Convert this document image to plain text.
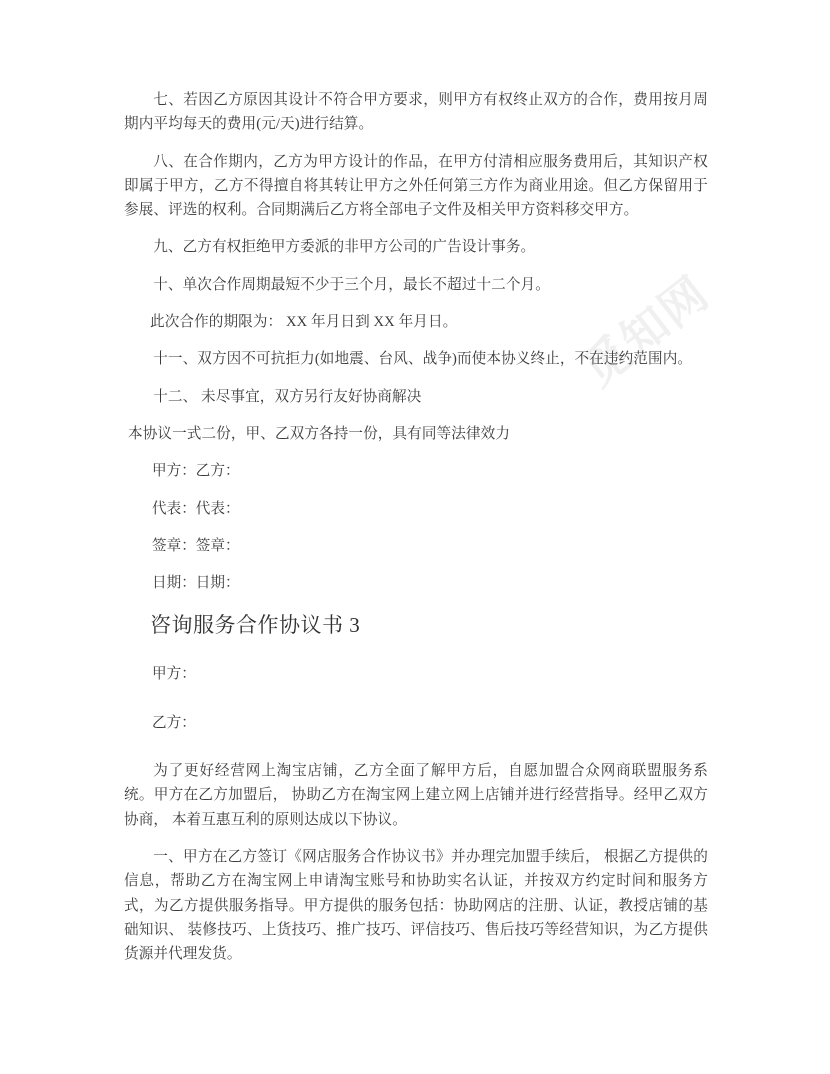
觅知网

七、若因乙方原因其设计不符合甲方要求，则甲方有权终止双方的合作，费用按月周期内平均每天的费用(元/天)进行结算。

八、在合作期内，乙方为甲方设计的作品，在甲方付清相应服务费用后，其知识产权即属于甲方，乙方不得擅自将其转让甲方之外任何第三方作为商业用途。但乙方保留用于参展、评选的权利。合同期满后乙方将全部电子文件及相关甲方资料移交甲方。

九、乙方有权拒绝甲方委派的非甲方公司的广告设计事务。

十、单次合作周期最短不少于三个月，最长不超过十二个月。

此次合作的期限为： XX 年月日到 XX 年月日。

十一、双方因不可抗拒力(如地震、台风、战争)而使本协义终止，不在违约范围内。

十二、 未尽事宜，双方另行友好协商解决

本协议一式二份，甲、乙双方各持一份，具有同等法律效力

甲方：乙方：

代表：代表：

签章：签章：

日期：日期：

咨询服务合作协议书 3

甲方：

乙方：

为了更好经营网上淘宝店铺，乙方全面了解甲方后，自愿加盟合众网商联盟服务系统。甲方在乙方加盟后， 协助乙方在淘宝网上建立网上店铺并进行经营指导。经甲乙双方协商， 本着互惠互利的原则达成以下协议。

一、甲方在乙方签订《网店服务合作协议书》并办理完加盟手续后， 根据乙方提供的信息，帮助乙方在淘宝网上申请淘宝账号和协助实名认证，并按双方约定时间和服务方式，为乙方提供服务指导。甲方提供的服务包括：协助网店的注册、认证，教授店铺的基础知识、 装修技巧、上货技巧、推广技巧、评信技巧、售后技巧等经营知识，为乙方提供货源并代理发货。
